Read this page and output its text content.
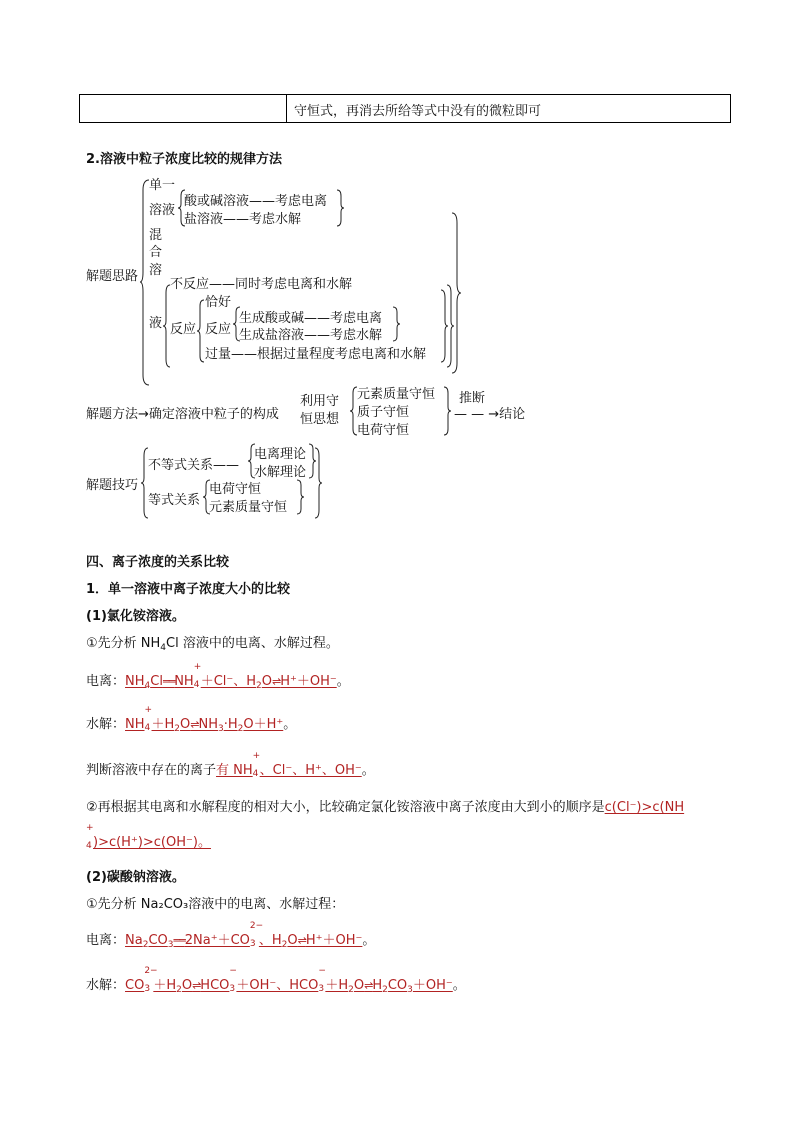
守恒式，再消去所给等式中没有的微粒即可
2.溶液中粒子浓度比较的规律方法
解题思路
单一
溶液
酸或碱溶液——考虑电离
盐溶液——考虑水解
混
合
溶
不反应——同时考虑电离和水解
液 反应
恰好
反应
生成酸或碱——考虑电离
生成盐溶液——考虑水解
过量——根据过量程度考虑电离和水解
解题方法→确定溶液中粒子的构成
利用守
恒思想
元素质量守恒
质子守恒
电荷守恒
推断
— — →结论
解题技巧
不等式关系——
电离理论
水解理论
等式关系
电荷守恒
元素质量守恒
四、离子浓度的关系比较
1．单一溶液中离子浓度大小的比较
(1)氯化铵溶液。
①先分析 $NH_4Cl$ 溶液中的电离、水解过程。
电离：$NH_4Cl══NH$
+
4 ＋Cl⁻、$H_2O\rightleftharpoons H^++OH^-$。
水解：NH
+
$4 +H_2O\rightleftharpoons NH_3\cdot H_2O+H^+$。
判断溶液中存在的离子有 NH
+
4 、Cl⁻、H⁺、OH⁻。
②再根据其电离和水解程度的相对大小，比较确定氯化铵溶液中离子浓度由大到小的顺序是c(Cl⁻)>c(NH
+
4 )>c(H⁺)>c(OH⁻)。
(2)碳酸钠溶液。
①先分析 Na₂CO₃溶液中的电离、水解过程：
电离：$Na_2CO_3══2Na^++CO$
2−
3 、$H_2O\rightleftharpoons H^++OH^-$。
水解：CO
2−
$3 +H_2O\rightleftharpoons HCO$
−
3 ＋OH⁻、HCO
−
$3 +H_2O\rightleftharpoons H_2CO_3+OH^-$。
